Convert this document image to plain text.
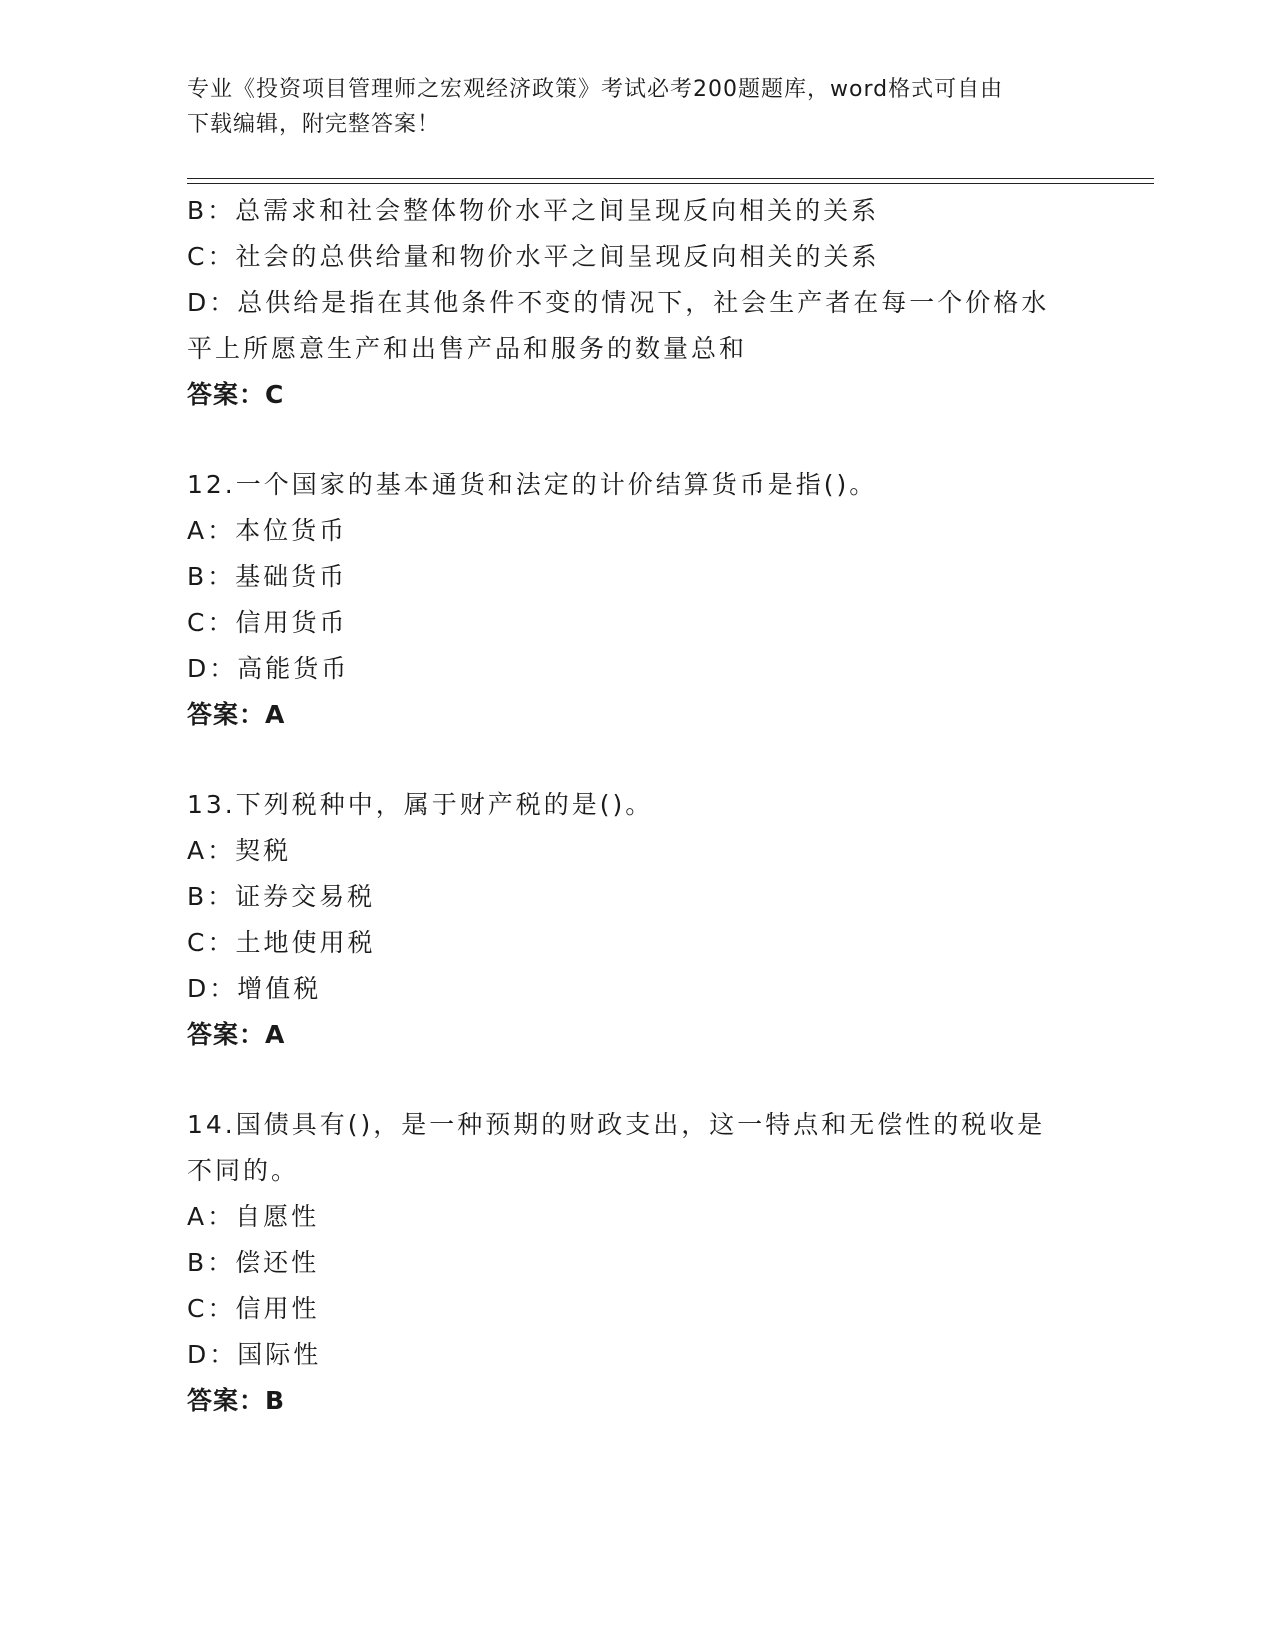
专业《投资项目管理师之宏观经济政策》考试必考200题题库，word格式可自由
下载编辑，附完整答案！
B：总需求和社会整体物价水平之间呈现反向相关的关系
C：社会的总供给量和物价水平之间呈现反向相关的关系
D：总供给是指在其他条件不变的情况下，社会生产者在每一个价格水
平上所愿意生产和出售产品和服务的数量总和
答案：C
12.一个国家的基本通货和法定的计价结算货币是指()。
A：本位货币
B：基础货币
C：信用货币
D：高能货币
答案：A
13.下列税种中，属于财产税的是()。
A：契税
B：证券交易税
C：土地使用税
D：增值税
答案：A
14.国债具有()，是一种预期的财政支出，这一特点和无偿性的税收是
不同的。
A：自愿性
B：偿还性
C：信用性
D：国际性
答案：B
